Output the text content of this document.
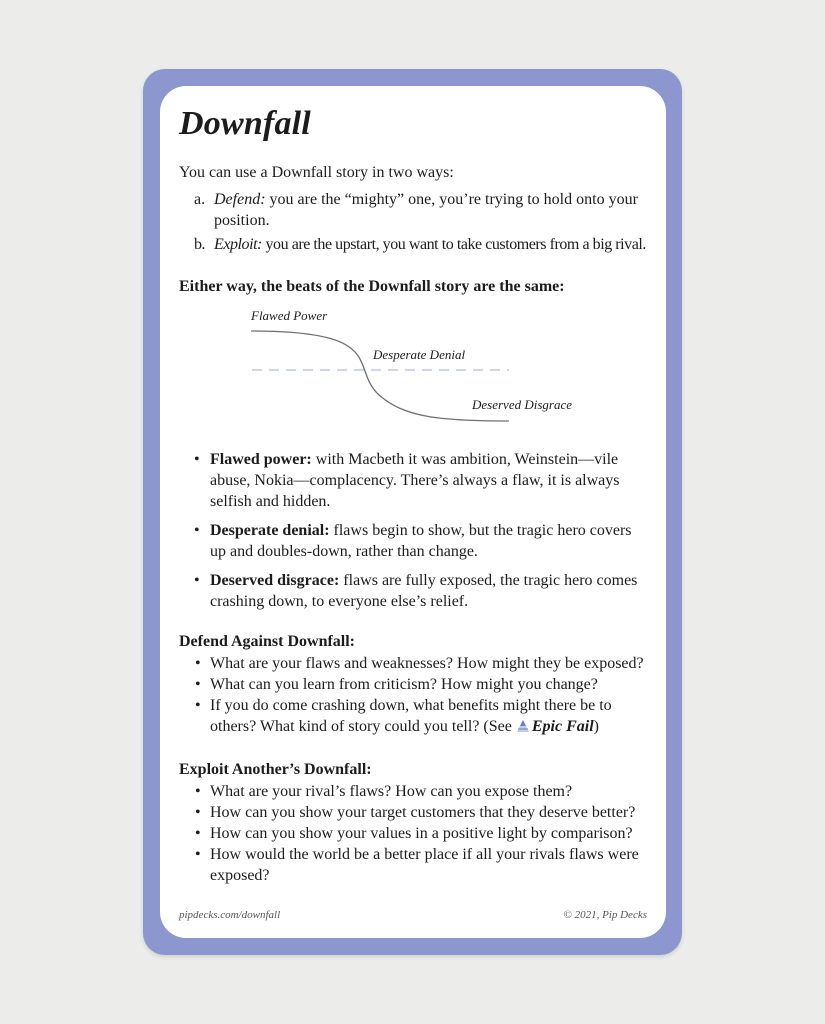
Downfall

You can use a Downfall story in two ways:

a. Defend: you are the “mighty” one, you’re trying to hold onto your position.
b. Exploit: you are the upstart, you want to take customers from a big rival.

Either way, the beats of the Downfall story are the same:

Flawed Power
Desperate Denial
Deserved Disgrace
• Flawed power: with Macbeth it was ambition, Weinstein—vile abuse, Nokia—complacency. There’s always a flaw, it is always selfish and hidden.
• Desperate denial: flaws begin to show, but the tragic hero covers up and doubles-down, rather than change.
• Deserved disgrace: flaws are fully exposed, the tragic hero comes crashing down, to everyone else’s relief.

Defend Against Downfall:

• What are your flaws and weaknesses? How might they be exposed?
• What can you learn from criticism? How might you change?
• If you do come crashing down, what benefits might there be to others? What kind of story could you tell? (See Epic Fail)

Exploit Another’s Downfall:

• What are your rival’s flaws? How can you expose them?
• How can you show your target customers that they deserve better?
• How can you show your values in a positive light by comparison?
• How would the world be a better place if all your rivals flaws were exposed?
pipdecks.com/downfall	© 2021, Pip Decks
